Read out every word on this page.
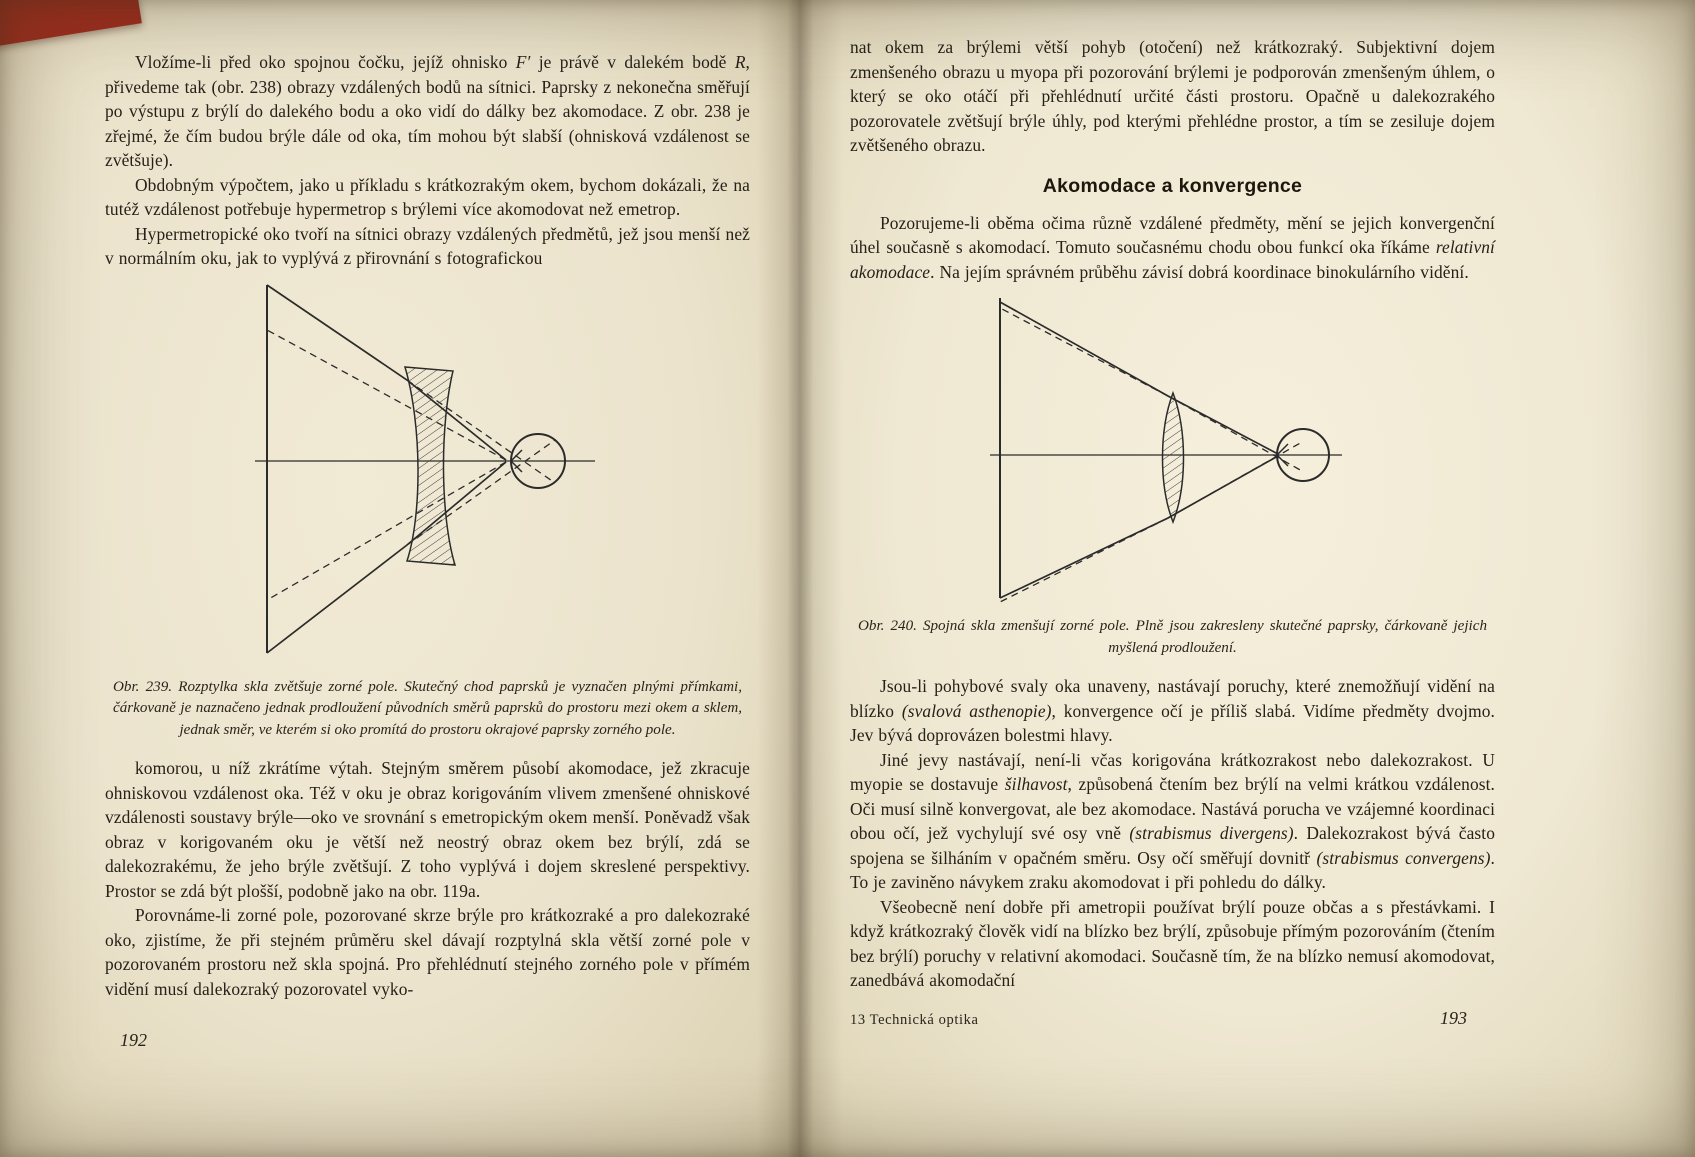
Vložíme-li před oko spojnou čočku, jejíž ohnisko F′ je právě v dalekém bodě R, přivedeme tak (obr. 238) obrazy vzdálených bodů na sítnici. Paprsky z nekonečna směřují po výstupu z brýlí do dalekého bodu a oko vidí do dálky bez akomodace. Z obr. 238 je zřejmé, že čím budou brýle dále od oka, tím mohou být slabší (ohnisková vzdálenost se zvětšuje).

Obdobným výpočtem, jako u příkladu s krátkozrakým okem, bychom dokázali, že na tutéž vzdálenost potřebuje hypermetrop s brýlemi více akomodovat než emetrop.

Hypermetropické oko tvoří na sítnici obrazy vzdálených předmětů, jež jsou menší než v normálním oku, jak to vyplývá z přirovnání s fotografickou

Obr. 239. Rozptylka skla zvětšuje zorné pole. Skutečný chod paprsků je vyznačen plnými přímkami, čárkovaně je naznačeno jednak prodloužení původních směrů paprsků do prostoru mezi okem a sklem, jednak směr, ve kterém si oko promítá do prostoru okrajové paprsky zorného pole.

komorou, u níž zkrátíme výtah. Stejným směrem působí akomodace, jež zkracuje ohniskovou vzdálenost oka. Též v oku je obraz korigováním vlivem zmenšené ohniskové vzdálenosti soustavy brýle—oko ve srovnání s emetropickým okem menší. Poněvadž však obraz v korigovaném oku je větší než neostrý obraz okem bez brýlí, zdá se dalekozrakému, že jeho brýle zvětšují. Z toho vyplývá i dojem skreslené perspektivy. Prostor se zdá být plošší, podobně jako na obr. 119a.

Porovnáme-li zorné pole, pozorované skrze brýle pro krátkozraké a pro dalekozraké oko, zjistíme, že při stejném průměru skel dávají rozptylná skla větší zorné pole v pozorovaném prostoru než skla spojná. Pro přehlédnutí stejného zorného pole v přímém vidění musí dalekozraký pozorovatel vyko-

192

nat okem za brýlemi větší pohyb (otočení) než krátkozraký. Subjektivní dojem zmenšeného obrazu u myopa při pozorování brýlemi je podporován zmenšeným úhlem, o který se oko otáčí při přehlédnutí určité části prostoru. Opačně u dalekozrakého pozorovatele zvětšují brýle úhly, pod kterými přehlédne prostor, a tím se zesiluje dojem zvětšeného obrazu.

Akomodace a konvergence

Pozorujeme-li oběma očima různě vzdálené předměty, mění se jejich konvergenční úhel současně s akomodací. Tomuto současnému chodu obou funkcí oka říkáme relativní akomodace. Na jejím správném průběhu závisí dobrá koordinace binokulárního vidění.

Obr. 240. Spojná skla zmenšují zorné pole. Plně jsou zakresleny skutečné paprsky, čárkovaně jejich myšlená prodloužení.

Jsou-li pohybové svaly oka unaveny, nastávají poruchy, které znemožňují vidění na blízko (svalová asthenopie), konvergence očí je příliš slabá. Vidíme předměty dvojmo. Jev bývá doprovázen bolestmi hlavy.

Jiné jevy nastávají, není-li včas korigována krátkozrakost nebo dalekozrakost. U myopie se dostavuje šilhavost, způsobená čtením bez brýlí na velmi krátkou vzdálenost. Oči musí silně konvergovat, ale bez akomodace. Nastává porucha ve vzájemné koordinaci obou očí, jež vychylují své osy vně (strabismus divergens). Dalekozrakost bývá často spojena se šilháním v opačném směru. Osy očí směřují dovnitř (strabismus convergens). To je zaviněno návykem zraku akomodovat i při pohledu do dálky.

Všeobecně není dobře při ametropii používat brýlí pouze občas a s přestávkami. I když krátkozraký člověk vidí na blízko bez brýlí, způsobuje přímým pozorováním (čtením bez brýlí) poruchy v relativní akomodaci. Současně tím, že na blízko nemusí akomodovat, zanedbává akomodační

13 Technická optika	193
